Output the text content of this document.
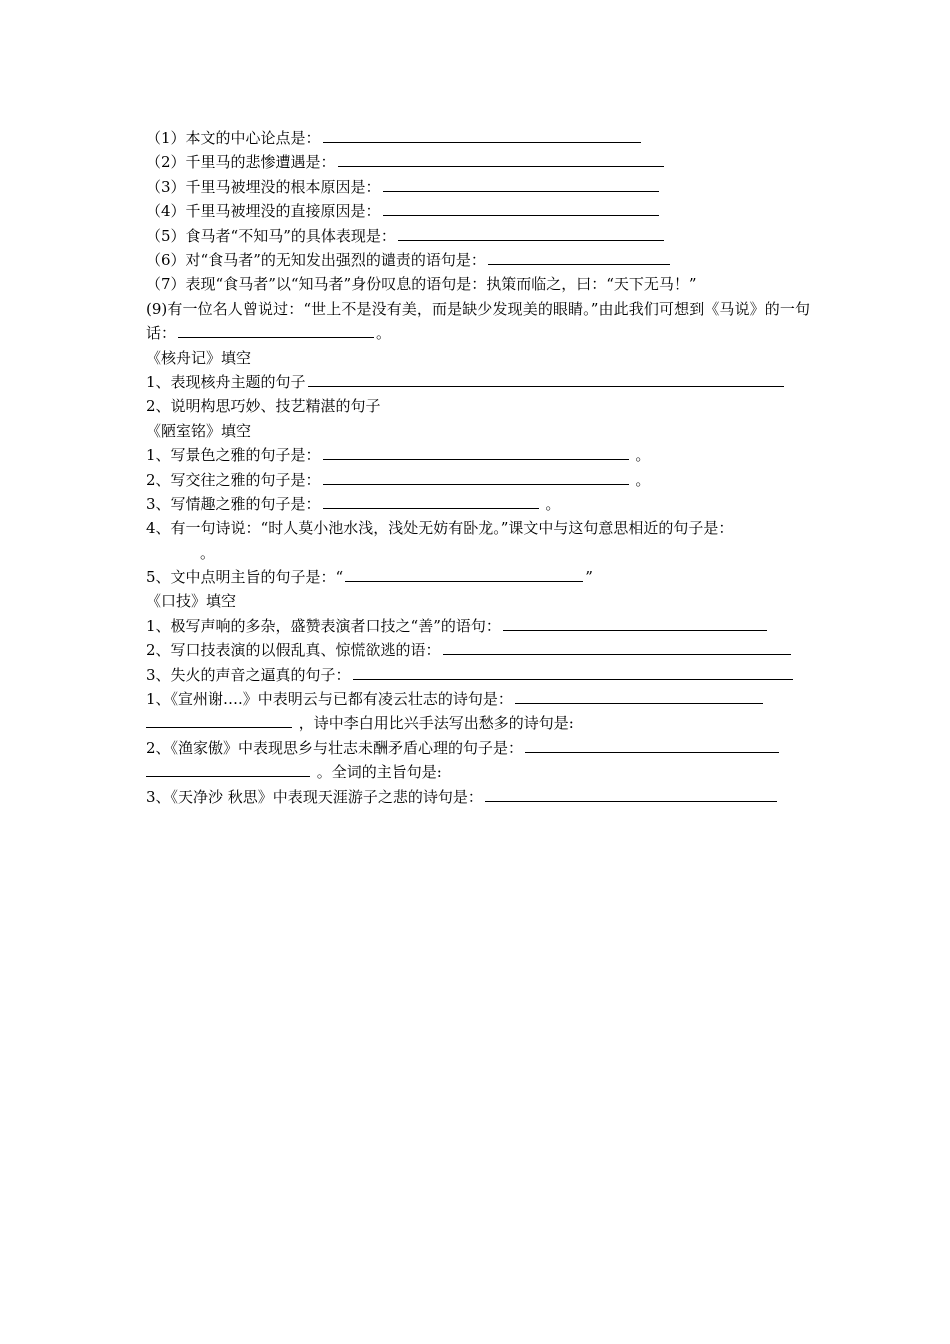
（1）本文的中心论点是：
（2）千里马的悲惨遭遇是：
（3）千里马被埋没的根本原因是：
（4）千里马被埋没的直接原因是：
（5）食马者“不知马”的具体表现是：
（6）对“食马者”的无知发出强烈的谴责的语句是：
（7）表现“食马者”以“知马者”身份叹息的语句是：执策而临之，曰：“天下无马！”
(9)有一位名人曾说过：“世上不是没有美，而是缺少发现美的眼睛。”由此我们可想到《马说》的一句话：	。
《核舟记》填空
1、表现核舟主题的句子
2、说明构思巧妙、技艺精湛的句子
《陋室铭》填空
1、写景色之雅的句子是：	。
2、写交往之雅的句子是：	。
3、写情趣之雅的句子是：	。
4、有一句诗说：“时人莫小池水浅，浅处无妨有卧龙。”课文中与这句意思相近的句子是：
。
5、文中点明主旨的句子是：“	”
《口技》填空
1、极写声响的多杂，盛赞表演者口技之“善”的语句：
2、写口技表演的以假乱真、惊慌欲逃的语：
3、失火的声音之逼真的句子：
1、《宣州谢….》中表明云与已都有凌云壮志的诗句是：
，诗中李白用比兴手法写出愁多的诗句是:
2、《渔家傲》中表现思乡与壮志未酬矛盾心理的句子是：
。全词的主旨句是:
3、《天净沙 秋思》中表现天涯游子之悲的诗句是：
